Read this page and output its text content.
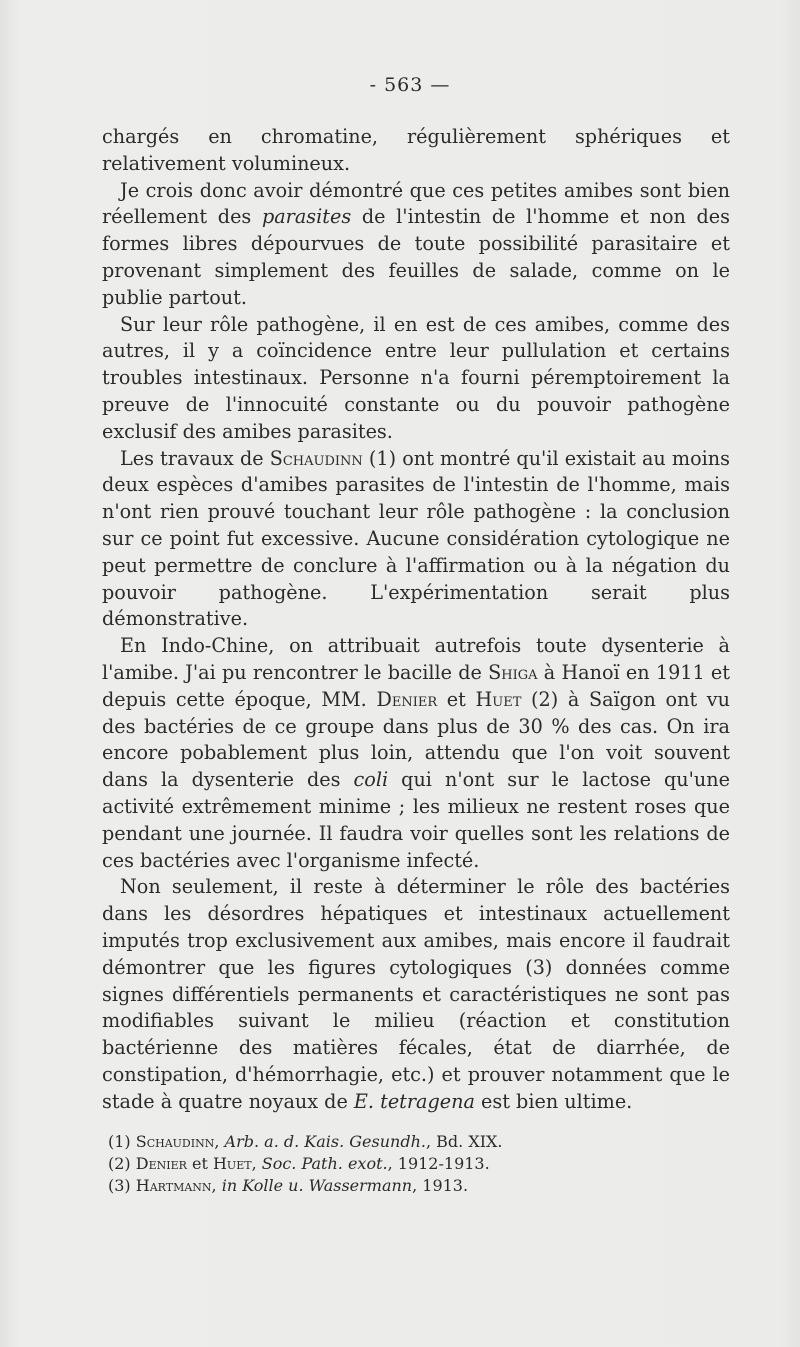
- 563 —

chargés en chromatine, régulièrement sphériques et relativement volumineux.

Je crois donc avoir démontré que ces petites amibes sont bien réellement des parasites de l'intestin de l'homme et non des formes libres dépourvues de toute possibilité parasitaire et provenant simplement des feuilles de salade, comme on le publie partout.

Sur leur rôle pathogène, il en est de ces amibes, comme des autres, il y a coïncidence entre leur pullulation et certains troubles intestinaux. Personne n'a fourni péremptoirement la preuve de l'innocuité constante ou du pouvoir pathogène exclusif des amibes parasites.

Les travaux de Schaudinn (1) ont montré qu'il existait au moins deux espèces d'amibes parasites de l'intestin de l'homme, mais n'ont rien prouvé touchant leur rôle pathogène : la conclusion sur ce point fut excessive. Aucune considération cytologique ne peut permettre de conclure à l'affirmation ou à la négation du pouvoir pathogène. L'expérimentation serait plus démonstrative.

En Indo-Chine, on attribuait autrefois toute dysenterie à l'amibe. J'ai pu rencontrer le bacille de Shiga à Hanoï en 1911 et depuis cette époque, MM. Denier et Huet (2) à Saïgon ont vu des bactéries de ce groupe dans plus de 30 % des cas. On ira encore pobablement plus loin, attendu que l'on voit souvent dans la dysenterie des coli qui n'ont sur le lactose qu'une activité extrêmement minime ; les milieux ne restent roses que pendant une journée. Il faudra voir quelles sont les relations de ces bactéries avec l'organisme infecté.

Non seulement, il reste à déterminer le rôle des bactéries dans les désordres hépatiques et intestinaux actuellement imputés trop exclusivement aux amibes, mais encore il faudrait démontrer que les figures cytologiques (3) données comme signes différentiels permanents et caractéristiques ne sont pas modifiables suivant le milieu (réaction et constitution bactérienne des matières fécales, état de diarrhée, de constipation, d'hémorrhagie, etc.) et prouver notamment que le stade à quatre noyaux de E. tetragena est bien ultime.

(1) Schaudinn, Arb. a. d. Kais. Gesundh., Bd. XIX.

(2) Denier et Huet, Soc. Path. exot., 1912-1913.

(3) Hartmann, in Kolle u. Wassermann, 1913.
